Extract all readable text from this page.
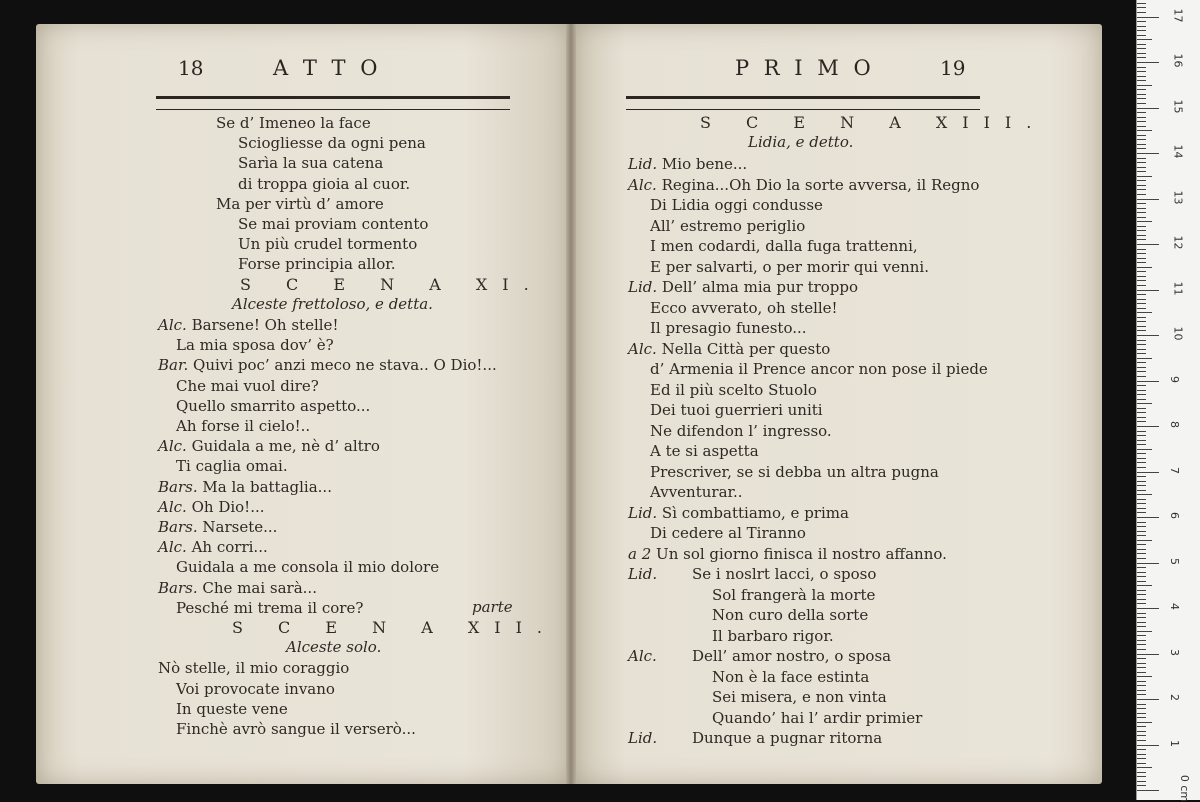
18	A T T O	P R I M O	19
Se d’ Imeneo la face
Sciogliesse da ogni pena
Sarìa la sua catena
di troppa gioia al cuor.
Ma per virtù d’ amore
Se mai proviam contento
Un più crudel tormento
Forse principia allor.
S C E N A XI.
Alceste frettoloso, e detta.
Alc. Barsene! Oh stelle!
La mia sposa dov’ è?
Bar. Quivi poc’ anzi meco ne stava.. O Dio!...
Che mai vuol dire?
Quello smarrito aspetto...
Ah forse il cielo!..
Alc. Guidala a me, nè d’ altro
Ti caglia omai.
Bars. Ma la battaglia...
Alc. Oh Dio!...
Bars. Narsete...
Alc. Ah corri...
Guidala a me consola il mio dolore
Bars. Che mai sarà...
Pesché mi trema il core?	parte
S C E N A XII.
Alceste solo.
Nò stelle, il mio coraggio
Voi provocate invano
In queste vene
Finchè avrò sangue il verserò...
S C E N A XIII.
Lidia, e detto.
Lid. Mio bene...
Alc. Regina...Oh Dio la sorte avversa, il Regno
Di Lidia oggi condusse
All’ estremo periglio
I men codardi, dalla fuga trattenni,
E per salvarti, o per morir qui venni.
Lid. Dell’ alma mia pur troppo
Ecco avverato, oh stelle!
Il presagio funesto...
Alc. Nella Città per questo
d’ Armenia il Prence ancor non pose il piede
Ed il più scelto Stuolo
Dei tuoi guerrieri uniti
Ne difendon l’ ingresso.
A te si aspetta
Prescriver, se si debba un altra pugna
Avventurar..
Lid. Sì combattiamo, e prima
Di cedere al Tiranno
a 2 Un sol giorno finisca il nostro affanno.
Lid. Se i noslrt lacci, o sposo
Sol frangerà la morte
Non curo della sorte
Il barbaro rigor.
Alc. Dell’ amor nostro, o sposa
Non è la face estinta
Sei misera, e non vinta
Quando’ hai l’ ardir primier
Lid. Dunque a pugnar ritorna
0 cm
1
2
3
4
5
6
7
8
9
10
11
12
13
14
15
16
17
